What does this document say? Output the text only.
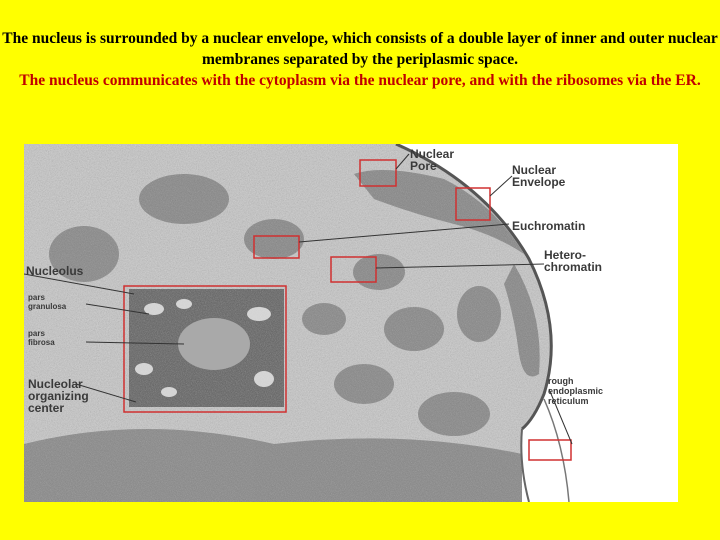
The nucleus is surrounded by a nuclear envelope, which consists of a double layer of inner and outer nuclear membranes separated by the periplasmic space.
The nucleus communicates with the cytoplasm via the nuclear pore, and with the ribosomes via the ER.
Nuclear Pore	Nuclear Envelope
Euchromatin
Hetero- chromatin
Nucleolus
pars granulosa
pars fibrosa
Nucleolar organizing center
rough endoplasmic reticulum
